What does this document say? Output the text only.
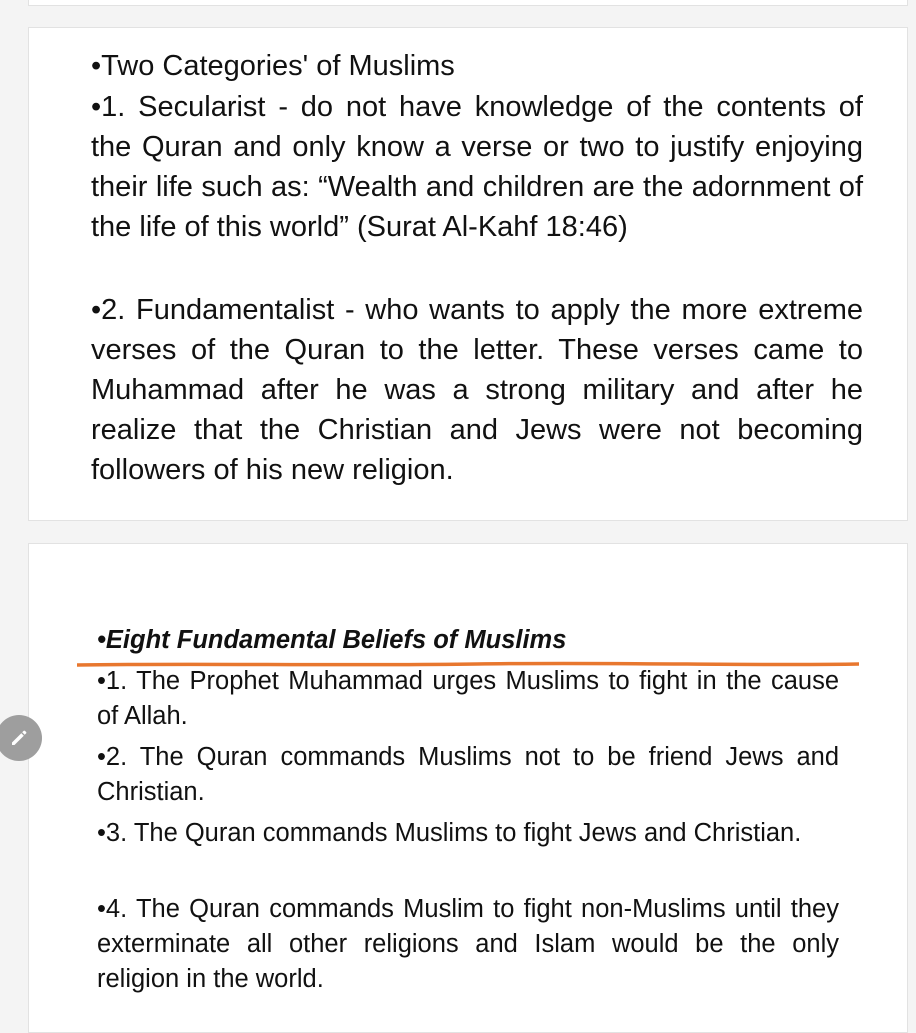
•Two Categories' of Muslims

•1. Secularist - do not have knowledge of the contents of the Quran and only know a verse or two to justify enjoying their life such as: “Wealth and children are the adornment of the life of this world” (Surat Al-Kahf 18:46)

•2. Fundamentalist - who wants to apply the more extreme verses of the Quran to the letter. These verses came to Muhammad after he was a strong military and after he realize that the Christian and Jews were not becoming followers of his new religion.

•Eight Fundamental Beliefs of Muslims

•1. The Prophet Muhammad urges Muslims to fight in the cause of Allah.

•2. The Quran commands Muslims not to be friend Jews and Christian.

•3. The Quran commands Muslims to fight Jews and Christian.

•4. The Quran commands Muslim to fight non-Muslims until they exterminate all other religions and Islam would be the only religion in the world.
